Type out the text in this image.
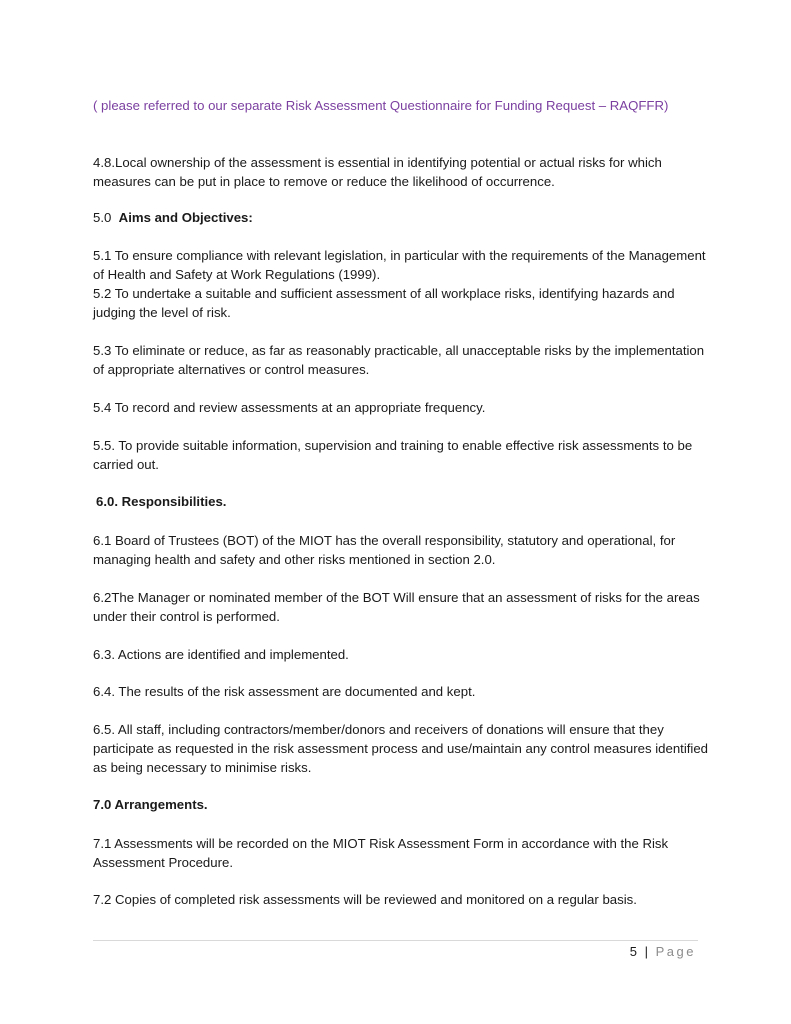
( please referred to our separate Risk Assessment Questionnaire for Funding Request – RAQFFR)

4.8.Local ownership of the assessment is essential in identifying potential or actual risks for which measures can be put in place to remove or reduce the likelihood of occurrence.

5.0 Aims and Objectives:

5.1 To ensure compliance with relevant legislation, in particular with the requirements of the Management of Health and Safety at Work Regulations (1999).

5.2 To undertake a suitable and sufficient assessment of all workplace risks, identifying hazards and judging the level of risk.

5.3 To eliminate or reduce, as far as reasonably practicable, all unacceptable risks by the implementation of appropriate alternatives or control measures.

5.4 To record and review assessments at an appropriate frequency.

5.5. To provide suitable information, supervision and training to enable effective risk assessments to be carried out.

6.0. Responsibilities.

6.1 Board of Trustees (BOT) of the MIOT has the overall responsibility, statutory and operational, for managing health and safety and other risks mentioned in section 2.0.

6.2The Manager or nominated member of the BOT Will ensure that an assessment of risks for the areas under their control is performed.

6.3. Actions are identified and implemented.

6.4. The results of the risk assessment are documented and kept.

6.5. All staff, including contractors/member/donors and receivers of donations will ensure that they participate as requested in the risk assessment process and use/maintain any control measures identified as being necessary to minimise risks.

7.0 Arrangements.

7.1 Assessments will be recorded on the MIOT Risk Assessment Form in accordance with the Risk Assessment Procedure.

7.2 Copies of completed risk assessments will be reviewed and monitored on a regular basis.

5 | Page
